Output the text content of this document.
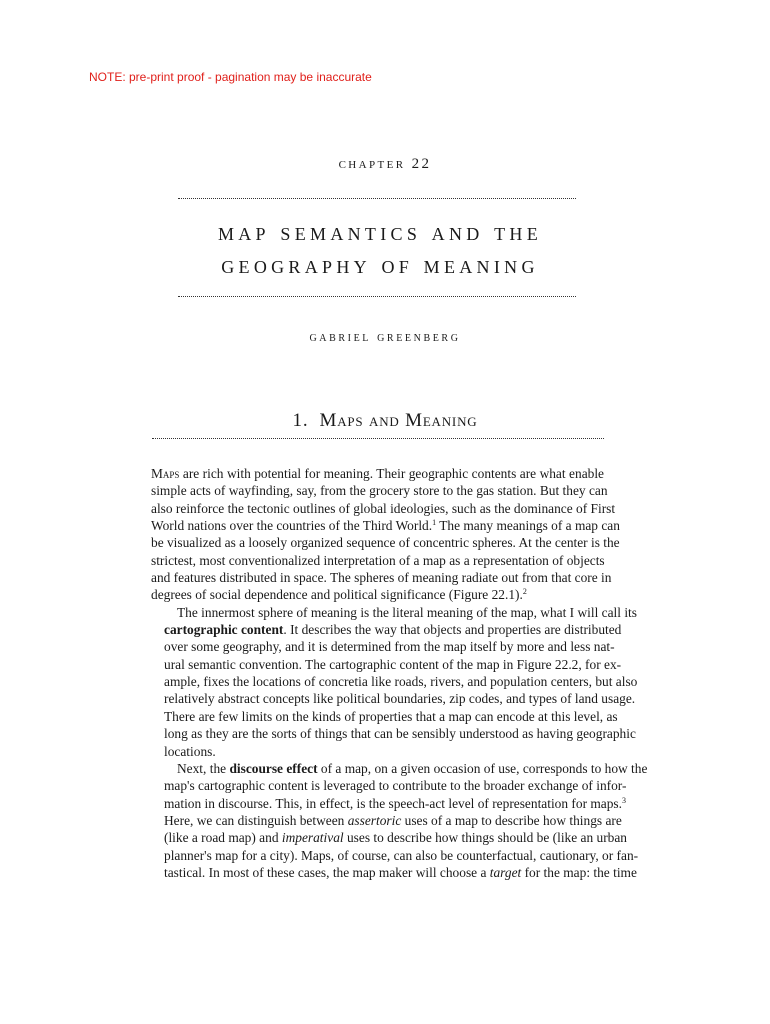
NOTE: pre-print proof - pagination may be inaccurate
chapter 22
map semantics and the
geography of meaning
gabriel greenberg
1. Maps and Meaning

Maps are rich with potential for meaning. Their geographic contents are what enable
simple acts of wayfinding, say, from the grocery store to the gas station. But they can
also reinforce the tectonic outlines of global ideologies, such as the dominance of First
World nations over the countries of the Third World.$^1$ The many meanings of a map can
be visualized as a loosely organized sequence of concentric spheres. At the center is the
strictest, most conventionalized interpretation of a map as a representation of objects
and features distributed in space. The spheres of meaning radiate out from that core in
degrees of social dependence and political significance (Figure 22.1).$^2$

The innermost sphere of meaning is the literal meaning of the map, what I will call its
cartographic content. It describes the way that objects and properties are distributed
over some geography, and it is determined from the map itself by more and less nat-
ural semantic convention. The cartographic content of the map in Figure 22.2, for ex-
ample, fixes the locations of concretia like roads, rivers, and population centers, but also
relatively abstract concepts like political boundaries, zip codes, and types of land usage.
There are few limits on the kinds of properties that a map can encode at this level, as
long as they are the sorts of things that can be sensibly understood as having geographic
locations.

Next, the discourse effect of a map, on a given occasion of use, corresponds to how the
map's cartographic content is leveraged to contribute to the broader exchange of infor-
mation in discourse. This, in effect, is the speech-act level of representation for maps.$^3$
Here, we can distinguish between assertoric uses of a map to describe how things are
(like a road map) and imperatival uses to describe how things should be (like an urban
planner's map for a city). Maps, of course, can also be counterfactual, cautionary, or fan-
tastical. In most of these cases, the map maker will choose a target for the map: the time
